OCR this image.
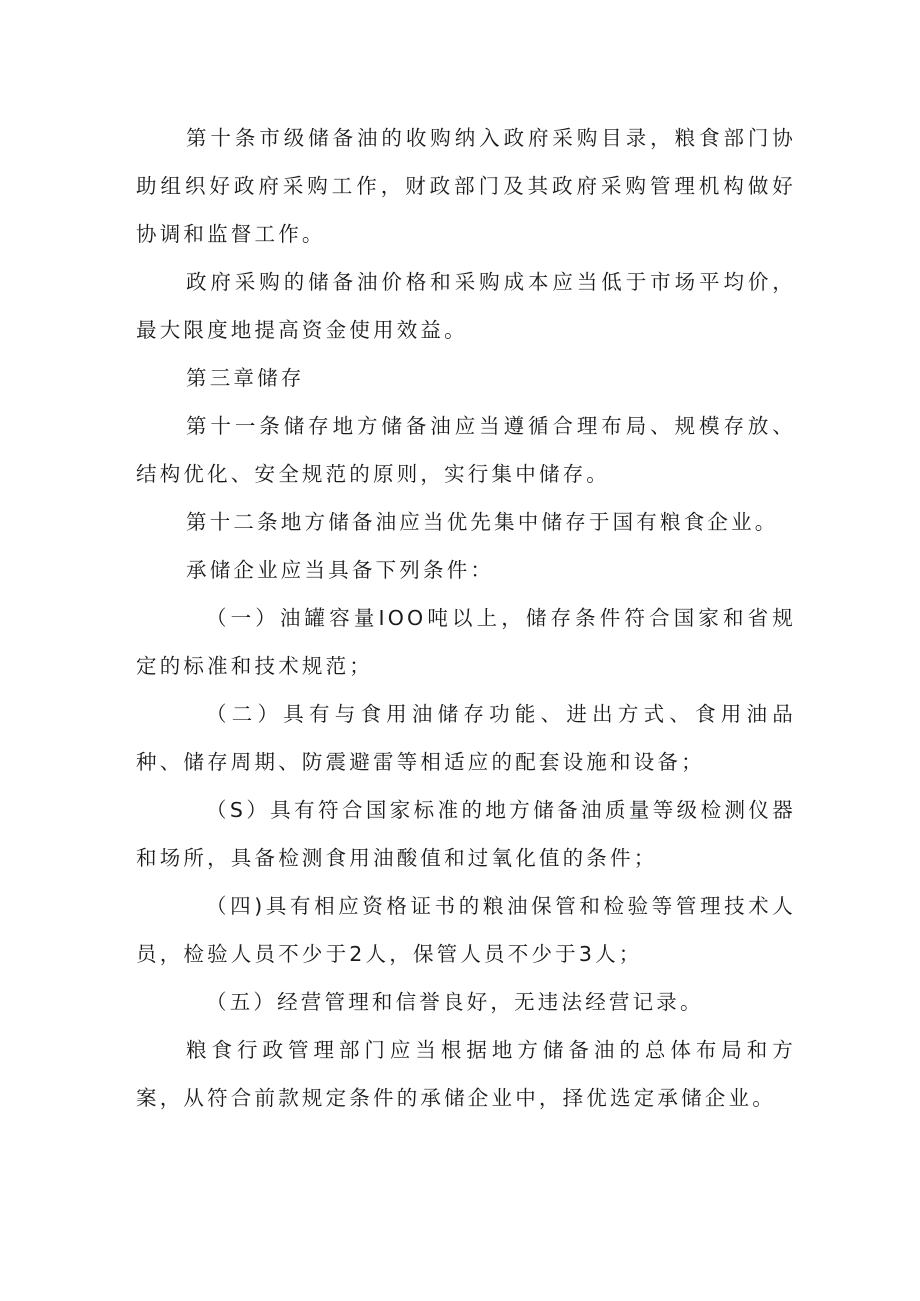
第十条市级储备油的收购纳入政府采购目录，粮食部门协助组织好政府采购工作，财政部门及其政府采购管理机构做好协调和监督工作。

政府采购的储备油价格和采购成本应当低于市场平均价，最大限度地提高资金使用效益。

第三章储存

第十一条储存地方储备油应当遵循合理布局、规模存放、结构优化、安全规范的原则，实行集中储存。

第十二条地方储备油应当优先集中储存于国有粮食企业。

承储企业应当具备下列条件：

（一）油罐容量IOO吨以上，储存条件符合国家和省规定的标准和技术规范；

（二）具有与食用油储存功能、进出方式、食用油品种、储存周期、防震避雷等相适应的配套设施和设备；

（S）具有符合国家标准的地方储备油质量等级检测仪器和场所，具备检测食用油酸值和过氧化值的条件；

（四)具有相应资格证书的粮油保管和检验等管理技术人员，检验人员不少于2人，保管人员不少于3人；

（五）经营管理和信誉良好，无违法经营记录。

粮食行政管理部门应当根据地方储备油的总体布局和方案，从符合前款规定条件的承储企业中，择优选定承储企业。
